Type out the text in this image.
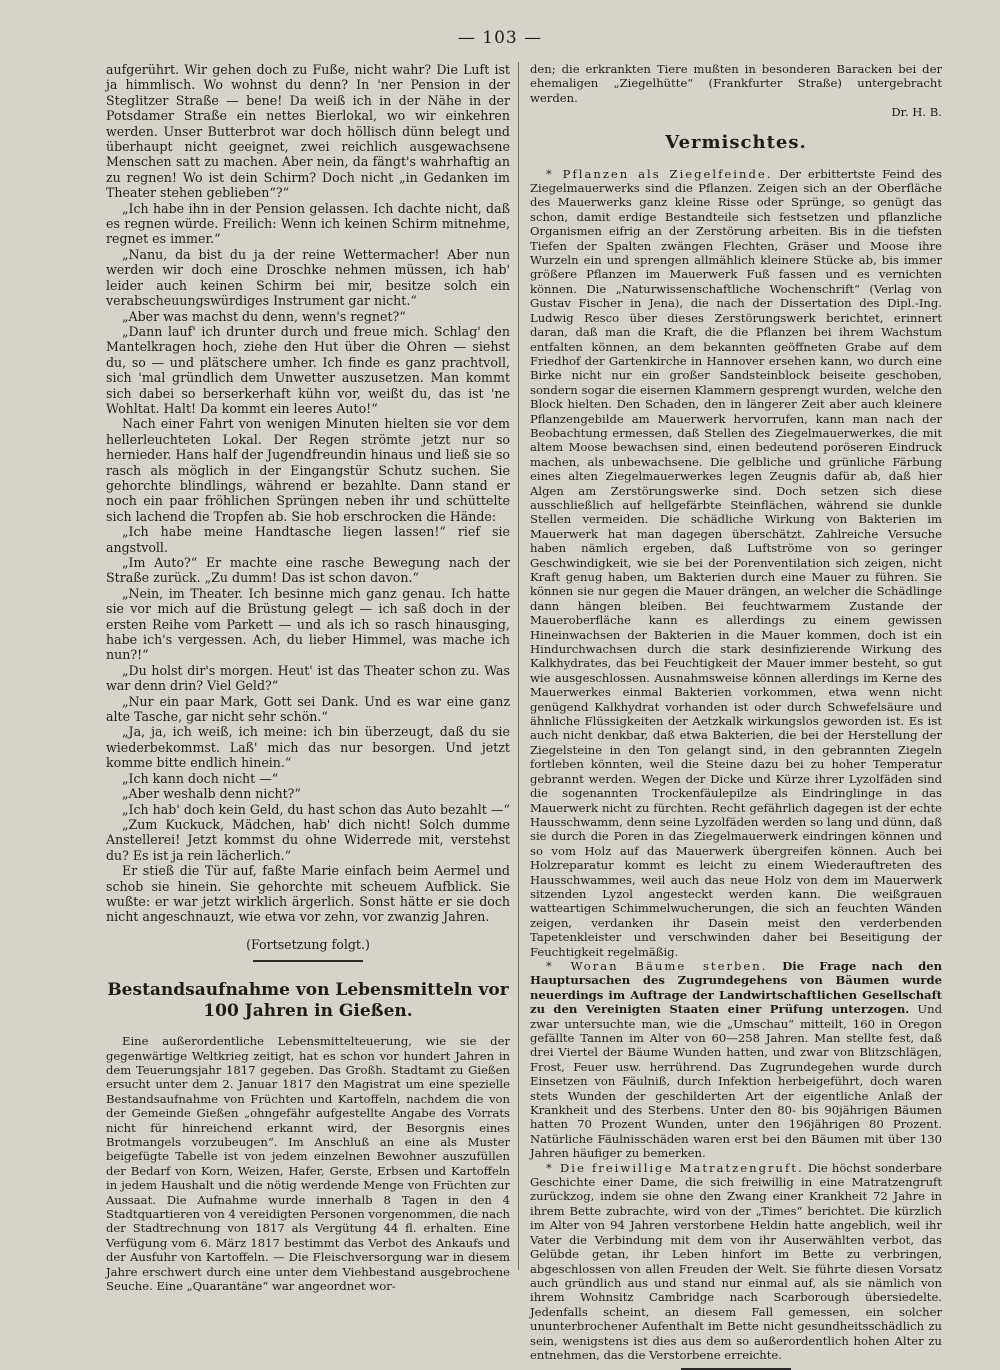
— 103 —

aufgerührt. Wir gehen doch zu Fuße, nicht wahr? Die Luft ist ja himmlisch. Wo wohnst du denn? In 'ner Pension in der Steglitzer Straße — bene! Da weiß ich in der Nähe in der Potsdamer Straße ein nettes Bierlokal, wo wir einkehren werden. Unser Butterbrot war doch höllisch dünn belegt und überhaupt nicht geeignet, zwei reichlich ausgewachsene Menschen satt zu machen. Aber nein, da fängt's wahrhaftig an zu regnen! Wo ist dein Schirm? Doch nicht „in Gedanken im Theater stehen geblieben“?“

„Ich habe ihn in der Pension gelassen. Ich dachte nicht, daß es regnen würde. Freilich: Wenn ich keinen Schirm mitnehme, regnet es immer.“

„Nanu, da bist du ja der reine Wettermacher! Aber nun werden wir doch eine Droschke nehmen müssen, ich hab' leider auch keinen Schirm bei mir, besitze solch ein verabscheuungswürdiges Instrument gar nicht.“

„Aber was machst du denn, wenn's regnet?“

„Dann lauf' ich drunter durch und freue mich. Schlag' den Mantelkragen hoch, ziehe den Hut über die Ohren — siehst du, so — und plätschere umher. Ich finde es ganz prachtvoll, sich 'mal gründlich dem Unwetter auszusetzen. Man kommt sich dabei so berserkerhaft kühn vor, weißt du, das ist 'ne Wohltat. Halt! Da kommt ein leeres Auto!“

Nach einer Fahrt von wenigen Minuten hielten sie vor dem hellerleuchteten Lokal. Der Regen strömte jetzt nur so hernieder. Hans half der Jugendfreundin hinaus und ließ sie so rasch als möglich in der Eingangstür Schutz suchen. Sie gehorchte blindlings, während er bezahlte. Dann stand er noch ein paar fröhlichen Sprüngen neben ihr und schüttelte sich lachend die Tropfen ab. Sie hob erschrocken die Hände:

„Ich habe meine Handtasche liegen lassen!“ rief sie angstvoll.

„Im Auto?“ Er machte eine rasche Bewegung nach der Straße zurück. „Zu dumm! Das ist schon davon.“

„Nein, im Theater. Ich besinne mich ganz genau. Ich hatte sie vor mich auf die Brüstung gelegt — ich saß doch in der ersten Reihe vom Parkett — und als ich so rasch hinausging, habe ich's vergessen. Ach, du lieber Himmel, was mache ich nun?!“

„Du holst dir's morgen. Heut' ist das Theater schon zu. Was war denn drin? Viel Geld?“

„Nur ein paar Mark, Gott sei Dank. Und es war eine ganz alte Tasche, gar nicht sehr schön.“

„Ja, ja, ich weiß, ich meine: ich bin überzeugt, daß du sie wiederbekommst. Laß' mich das nur besorgen. Und jetzt komme bitte endlich hinein.“

„Ich kann doch nicht —“

„Aber weshalb denn nicht?“

„Ich hab' doch kein Geld, du hast schon das Auto bezahlt —“

„Zum Kuckuck, Mädchen, hab' dich nicht! Solch dumme Anstellerei! Jetzt kommst du ohne Widerrede mit, verstehst du? Es ist ja rein lächerlich.“

Er stieß die Tür auf, faßte Marie einfach beim Aermel und schob sie hinein. Sie gehorchte mit scheuem Aufblick. Sie wußte: er war jetzt wirklich ärgerlich. Sonst hätte er sie doch nicht angeschnauzt, wie etwa vor zehn, vor zwanzig Jahren.

(Fortsetzung folgt.)
Bestandsaufnahme von Lebensmitteln vor 100 Jahren in Gießen.

Eine außerordentliche Lebensmittelteuerung, wie sie der gegenwärtige Weltkrieg zeitigt, hat es schon vor hundert Jahren in dem Teuerungsjahr 1817 gegeben. Das Großh. Stadtamt zu Gießen ersucht unter dem 2. Januar 1817 den Magistrat um eine spezielle Bestandsaufnahme von Früchten und Kartoffeln, nachdem die von der Gemeinde Gießen „ohngefähr aufgestellte Angabe des Vorrats nicht für hinreichend erkannt wird, der Besorgnis eines Brotmangels vorzubeugen“. Im Anschluß an eine als Muster beigefügte Tabelle ist von jedem einzelnen Bewohner auszufüllen der Bedarf von Korn, Weizen, Hafer, Gerste, Erbsen und Kartoffeln in jedem Haushalt und die nötig werdende Menge von Früchten zur Aussaat. Die Aufnahme wurde innerhalb 8 Tagen in den 4 Stadtquartieren von 4 vereidigten Personen vorgenommen, die nach der Stadtrechnung von 1817 als Vergütung 44 fl. erhalten. Eine Verfügung vom 6. März 1817 bestimmt das Verbot des Ankaufs und der Ausfuhr von Kartoffeln. — Die Fleischversorgung war in diesem Jahre erschwert durch eine unter dem Viehbestand ausgebrochene Seuche. Eine „Quarantäne“ war angeordnet wor-

den; die erkrankten Tiere mußten in besonderen Baracken bei der ehemaligen „Ziegelhütte“ (Frankfurter Straße) untergebracht werden.

Dr. H. B.
Vermischtes.

* Pflanzen als Ziegelfeinde. Der erbittertste Feind des Ziegelmauerwerks sind die Pflanzen. Zeigen sich an der Oberfläche des Mauerwerks ganz kleine Risse oder Sprünge, so genügt das schon, damit erdige Bestandteile sich festsetzen und pflanzliche Organismen eifrig an der Zerstörung arbeiten. Bis in die tiefsten Tiefen der Spalten zwängen Flechten, Gräser und Moose ihre Wurzeln ein und sprengen allmählich kleinere Stücke ab, bis immer größere Pflanzen im Mauerwerk Fuß fassen und es vernichten können. Die „Naturwissenschaftliche Wochenschrift“ (Verlag von Gustav Fischer in Jena), die nach der Dissertation des Dipl.-Ing. Ludwig Resco über dieses Zerstörungswerk berichtet, erinnert daran, daß man die Kraft, die die Pflanzen bei ihrem Wachstum entfalten können, an dem bekannten geöffneten Grabe auf dem Friedhof der Gartenkirche in Hannover ersehen kann, wo durch eine Birke nicht nur ein großer Sandsteinblock beiseite geschoben, sondern sogar die eisernen Klammern gesprengt wurden, welche den Block hielten. Den Schaden, den in längerer Zeit aber auch kleinere Pflanzengebilde am Mauerwerk hervorrufen, kann man nach der Beobachtung ermessen, daß Stellen des Ziegelmauerwerkes, die mit altem Moose bewachsen sind, einen bedeutend poröseren Eindruck machen, als unbewachsene. Die gelbliche und grünliche Färbung eines alten Ziegelmauerwerkes legen Zeugnis dafür ab, daß hier Algen am Zerstörungswerke sind. Doch setzen sich diese ausschließlich auf hellgefärbte Steinflächen, während sie dunkle Stellen vermeiden. Die schädliche Wirkung von Bakterien im Mauerwerk hat man dagegen überschätzt. Zahlreiche Versuche haben nämlich ergeben, daß Luftströme von so geringer Geschwindigkeit, wie sie bei der Porenventilation sich zeigen, nicht Kraft genug haben, um Bakterien durch eine Mauer zu führen. Sie können sie nur gegen die Mauer drängen, an welcher die Schädlinge dann hängen bleiben. Bei feuchtwarmem Zustande der Maueroberfläche kann es allerdings zu einem gewissen Hineinwachsen der Bakterien in die Mauer kommen, doch ist ein Hindurchwachsen durch die stark desinfizierende Wirkung des Kalkhydrates, das bei Feuchtigkeit der Mauer immer besteht, so gut wie ausgeschlossen. Ausnahmsweise können allerdings im Kerne des Mauerwerkes einmal Bakterien vorkommen, etwa wenn nicht genügend Kalkhydrat vorhanden ist oder durch Schwefelsäure und ähnliche Flüssigkeiten der Aetzkalk wirkungslos geworden ist. Es ist auch nicht denkbar, daß etwa Bakterien, die bei der Herstellung der Ziegelsteine in den Ton gelangt sind, in den gebrannten Ziegeln fortleben könnten, weil die Steine dazu bei zu hoher Temperatur gebrannt werden. Wegen der Dicke und Kürze ihrer Lyzolfäden sind die sogenannten Trockenfäulepilze als Eindringlinge in das Mauerwerk nicht zu fürchten. Recht gefährlich dagegen ist der echte Hausschwamm, denn seine Lyzolfäden werden so lang und dünn, daß sie durch die Poren in das Ziegelmauerwerk eindringen können und so vom Holz auf das Mauerwerk übergreifen können. Auch bei Holzreparatur kommt es leicht zu einem Wiederauftreten des Hausschwammes, weil auch das neue Holz von dem im Mauerwerk sitzenden Lyzol angesteckt werden kann. Die weißgrauen watteartigen Schimmelwucherungen, die sich an feuchten Wänden zeigen, verdanken ihr Dasein meist den verderbenden Tapetenkleister und verschwinden daher bei Beseitigung der Feuchtigkeit regelmäßig.

* Woran Bäume sterben. Die Frage nach den Hauptursachen des Zugrundegehens von Bäumen wurde neuerdings im Auftrage der Landwirtschaftlichen Gesellschaft zu den Vereinigten Staaten einer Prüfung unterzogen. Und zwar untersuchte man, wie die „Umschau“ mitteilt, 160 in Oregon gefällte Tannen im Alter von 60—258 Jahren. Man stellte fest, daß drei Viertel der Bäume Wunden hatten, und zwar von Blitzschlägen, Frost, Feuer usw. herrührend. Das Zugrundegehen wurde durch Einsetzen von Fäulniß, durch Infektion herbeigeführt, doch waren stets Wunden der geschilderten Art der eigentliche Anlaß der Krankheit und des Sterbens. Unter den 80- bis 90jährigen Bäumen hatten 70 Prozent Wunden, unter den 196jährigen 80 Prozent. Natürliche Fäulnisschäden waren erst bei den Bäumen mit über 130 Jahren häufiger zu bemerken.

* Die freiwillige Matratzengruft. Die höchst sonderbare Geschichte einer Dame, die sich freiwillig in eine Matratzengruft zurückzog, indem sie ohne den Zwang einer Krankheit 72 Jahre in ihrem Bette zubrachte, wird von der „Times“ berichtet. Die kürzlich im Alter von 94 Jahren verstorbene Heldin hatte angeblich, weil ihr Vater die Verbindung mit dem von ihr Auserwählten verbot, das Gelübde getan, ihr Leben hinfort im Bette zu verbringen, abgeschlossen von allen Freuden der Welt. Sie führte diesen Vorsatz auch gründlich aus und stand nur einmal auf, als sie nämlich von ihrem Wohnsitz Cambridge nach Scarborough übersiedelte. Jedenfalls scheint, an diesem Fall gemessen, ein solcher ununterbrochener Aufenthalt im Bette nicht gesundheitsschädlich zu sein, wenigstens ist dies aus dem so außerordentlich hohen Alter zu entnehmen, das die Verstorbene erreichte.
